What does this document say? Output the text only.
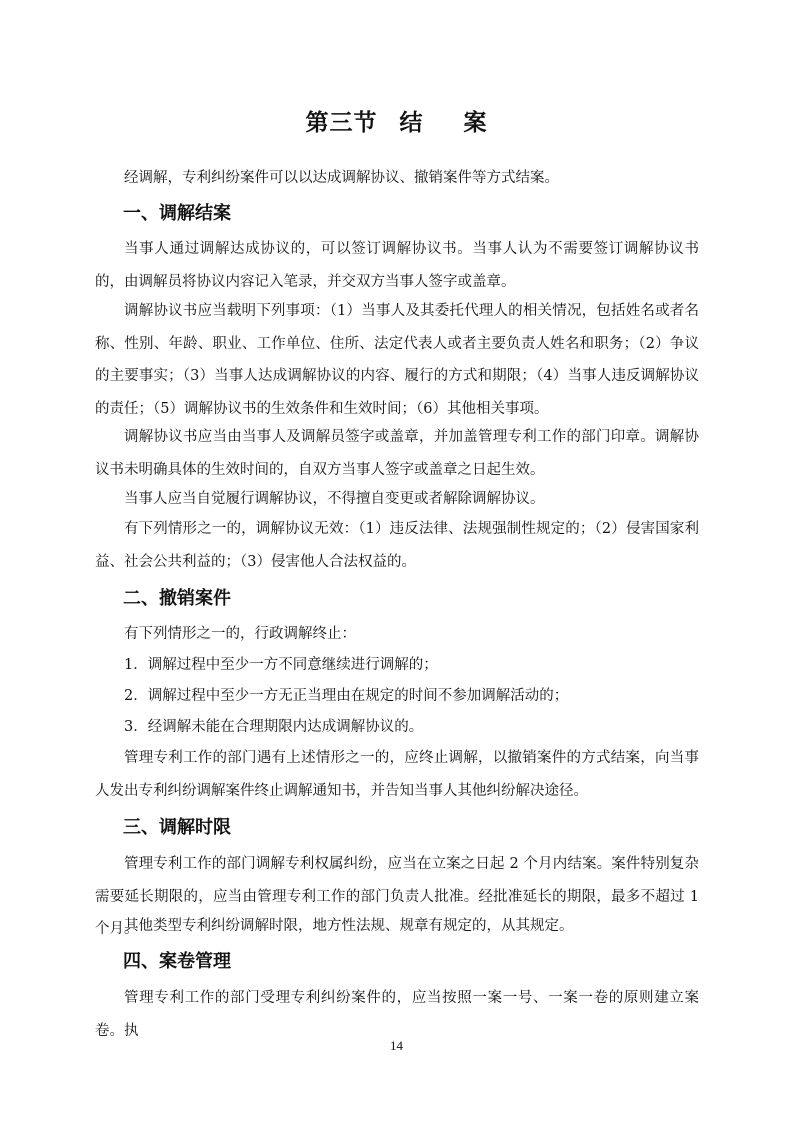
第三节 结 案

经调解，专利纠纷案件可以以达成调解协议、撤销案件等方式结案。

一、调解结案

当事人通过调解达成协议的，可以签订调解协议书。当事人认为不需要签订调解协议书的，由调解员将协议内容记入笔录，并交双方当事人签字或盖章。

调解协议书应当载明下列事项：（1）当事人及其委托代理人的相关情况，包括姓名或者名称、性别、年龄、职业、工作单位、住所、法定代表人或者主要负责人姓名和职务；（2）争议的主要事实；（3）当事人达成调解协议的内容、履行的方式和期限；（4）当事人违反调解协议的责任；（5）调解协议书的生效条件和生效时间；（6）其他相关事项。

调解协议书应当由当事人及调解员签字或盖章，并加盖管理专利工作的部门印章。调解协议书未明确具体的生效时间的，自双方当事人签字或盖章之日起生效。

当事人应当自觉履行调解协议，不得擅自变更或者解除调解协议。

有下列情形之一的，调解协议无效：（1）违反法律、法规强制性规定的；（2）侵害国家利益、社会公共利益的；（3）侵害他人合法权益的。

二、撤销案件

有下列情形之一的，行政调解终止：

1．调解过程中至少一方不同意继续进行调解的；

2．调解过程中至少一方无正当理由在规定的时间不参加调解活动的；

3．经调解未能在合理期限内达成调解协议的。

管理专利工作的部门遇有上述情形之一的，应终止调解，以撤销案件的方式结案，向当事人发出专利纠纷调解案件终止调解通知书，并告知当事人其他纠纷解决途径。

三、调解时限

管理专利工作的部门调解专利权属纠纷，应当在立案之日起 2 个月内结案。案件特别复杂需要延长期限的，应当由管理专利工作的部门负责人批准。经批准延长的期限，最多不超过 1 个月。

其他类型专利纠纷调解时限，地方性法规、规章有规定的，从其规定。

四、案卷管理

管理专利工作的部门受理专利纠纷案件的，应当按照一案一号、一案一卷的原则建立案卷。执

14
